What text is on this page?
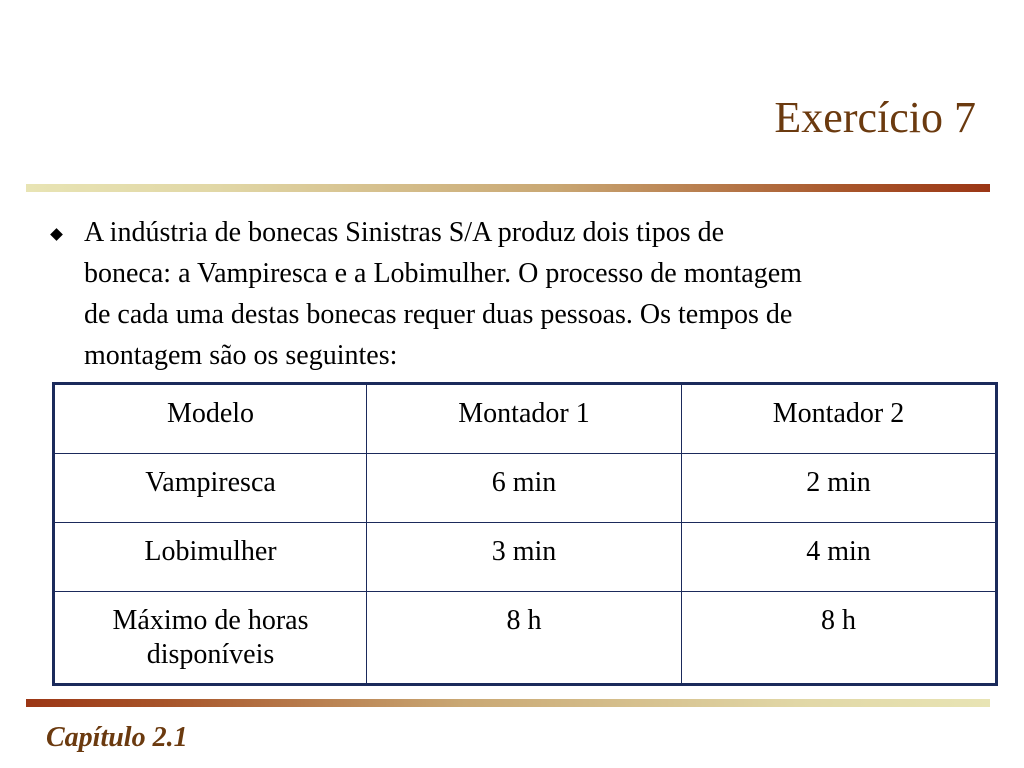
Exercício 7

A indústria de bonecas Sinistras S/A produz dois tipos de
boneca: a Vampiresca e a Lobimulher. O processo de montagem
de cada uma destas bonecas requer duas pessoas. Os tempos de
montagem são os seguintes:

Modelo	Montador 1	Montador 2
Vampiresca	6 min	2 min
Lobimulher	3 min	4 min

Máximo de horas
disponíveis	8 h	8 h
Capítulo 2.1
